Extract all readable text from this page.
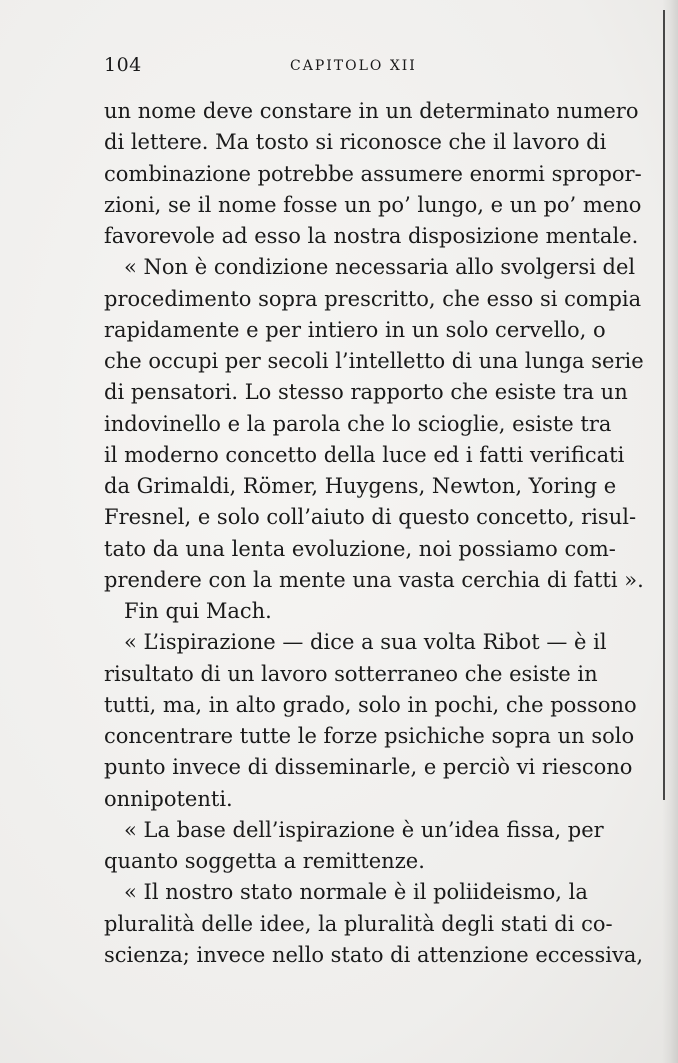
104	CAPITOLO XII
un nome deve constare in un determinato numero
di lettere. Ma tosto si riconosce che il lavoro di
combinazione potrebbe assumere enormi spropor-
zioni, se il nome fosse un po’ lungo, e un po’ meno
favorevole ad esso la nostra disposizione mentale.
« Non è condizione necessaria allo svolgersi del
procedimento sopra prescritto, che esso si compia
rapidamente e per intiero in un solo cervello, o
che occupi per secoli l’intelletto di una lunga serie
di pensatori. Lo stesso rapporto che esiste tra un
indovinello e la parola che lo scioglie, esiste tra
il moderno concetto della luce ed i fatti verificati
da Grimaldi, Römer, Huygens, Newton, Yoring e
Fresnel, e solo coll’aiuto di questo concetto, risul-
tato da una lenta evoluzione, noi possiamo com-
prendere con la mente una vasta cerchia di fatti ».
Fin qui Mach.
« L’ispirazione — dice a sua volta Ribot — è il
risultato di un lavoro sotterraneo che esiste in
tutti, ma, in alto grado, solo in pochi, che possono
concentrare tutte le forze psichiche sopra un solo
punto invece di disseminarle, e perciò vi riescono
onnipotenti.
« La base dell’ispirazione è un’idea fissa, per
quanto soggetta a remittenze.
« Il nostro stato normale è il poliideismo, la
pluralità delle idee, la pluralità degli stati di co-
scienza; invece nello stato di attenzione eccessiva,
